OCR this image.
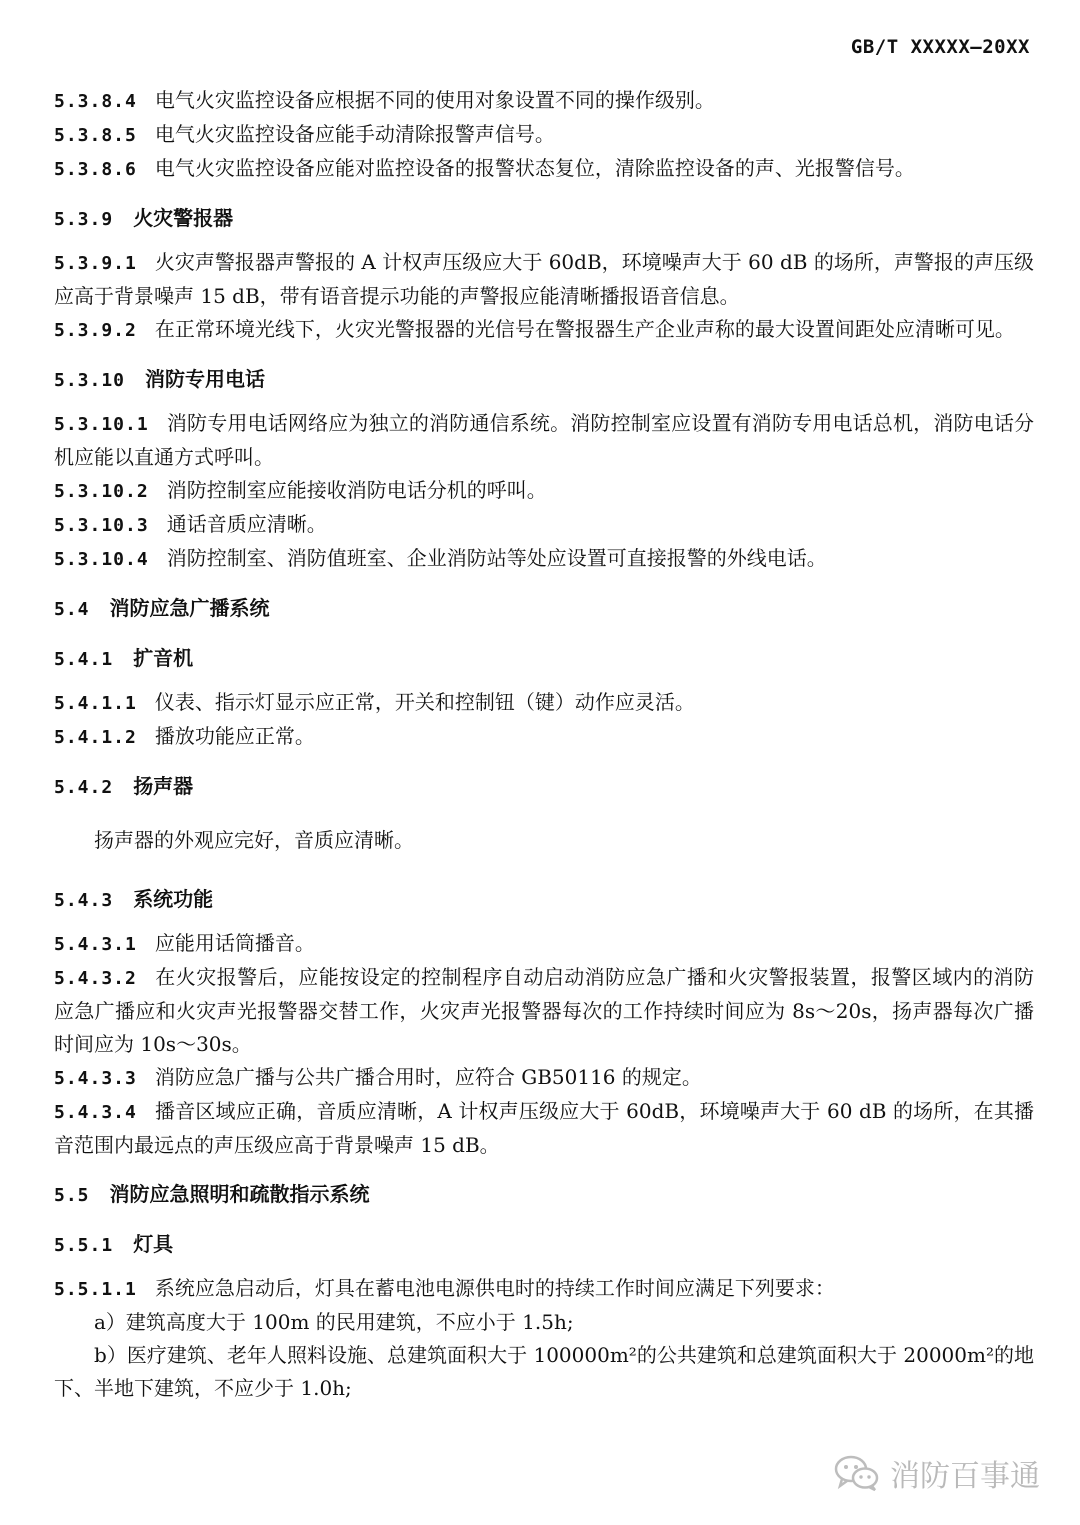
GB/T XXXXX—20XX

5.3.8.4 电气火灾监控设备应根据不同的使用对象设置不同的操作级别。

5.3.8.5 电气火灾监控设备应能手动清除报警声信号。

5.3.8.6 电气火灾监控设备应能对监控设备的报警状态复位，清除监控设备的声、光报警信号。

5.3.9 火灾警报器

5.3.9.1 火灾声警报器声警报的 A 计权声压级应大于 60dB，环境噪声大于 60 dB 的场所，声警报的声压级应高于背景噪声 15 dB，带有语音提示功能的声警报应能清晰播报语音信息。

5.3.9.2 在正常环境光线下，火灾光警报器的光信号在警报器生产企业声称的最大设置间距处应清晰可见。

5.3.10 消防专用电话

5.3.10.1 消防专用电话网络应为独立的消防通信系统。消防控制室应设置有消防专用电话总机，消防电话分机应能以直通方式呼叫。

5.3.10.2 消防控制室应能接收消防电话分机的呼叫。

5.3.10.3 通话音质应清晰。

5.3.10.4 消防控制室、消防值班室、企业消防站等处应设置可直接报警的外线电话。

5.4 消防应急广播系统

5.4.1 扩音机

5.4.1.1 仪表、指示灯显示应正常，开关和控制钮（键）动作应灵活。

5.4.1.2 播放功能应正常。

5.4.2 扬声器

扬声器的外观应完好，音质应清晰。

5.4.3 系统功能

5.4.3.1 应能用话筒播音。

5.4.3.2 在火灾报警后，应能按设定的控制程序自动启动消防应急广播和火灾警报装置，报警区域内的消防应急广播应和火灾声光报警器交替工作，火灾声光报警器每次的工作持续时间应为 8s～20s，扬声器每次广播时间应为 10s～30s。

5.4.3.3 消防应急广播与公共广播合用时，应符合 GB50116 的规定。

5.4.3.4 播音区域应正确，音质应清晰，A 计权声压级应大于 60dB，环境噪声大于 60 dB 的场所，在其播音范围内最远点的声压级应高于背景噪声 15 dB。

5.5 消防应急照明和疏散指示系统

5.5.1 灯具

5.5.1.1 系统应急启动后，灯具在蓄电池电源供电时的持续工作时间应满足下列要求：

a）建筑高度大于 100m 的民用建筑，不应小于 1.5h;

b）医疗建筑、老年人照料设施、总建筑面积大于 100000m²的公共建筑和总建筑面积大于 20000m²的地下、半地下建筑，不应少于 1.0h;

消防百事通
